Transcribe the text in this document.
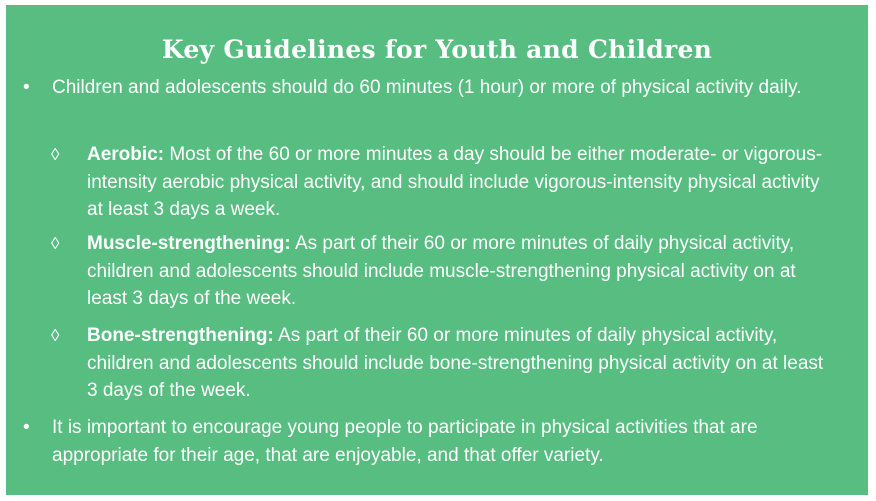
Key Guidelines for Youth and Children
• Children and adolescents should do 60 minutes (1 hour) or more of physical activity daily.
◊ Aerobic: Most of the 60 or more minutes a day should be either moderate- or vigorous-intensity aerobic physical activity, and should include vigorous-intensity physical activity at least 3 days a week.
◊ Muscle-strengthening: As part of their 60 or more minutes of daily physical activity, children and adolescents should include muscle-strengthening physical activity on at least 3 days of the week.
◊ Bone-strengthening: As part of their 60 or more minutes of daily physical activity, children and adolescents should include bone-strengthening physical activity on at least 3 days of the week.
• It is important to encourage young people to participate in physical activities that are appropriate for their age, that are enjoyable, and that offer variety.
